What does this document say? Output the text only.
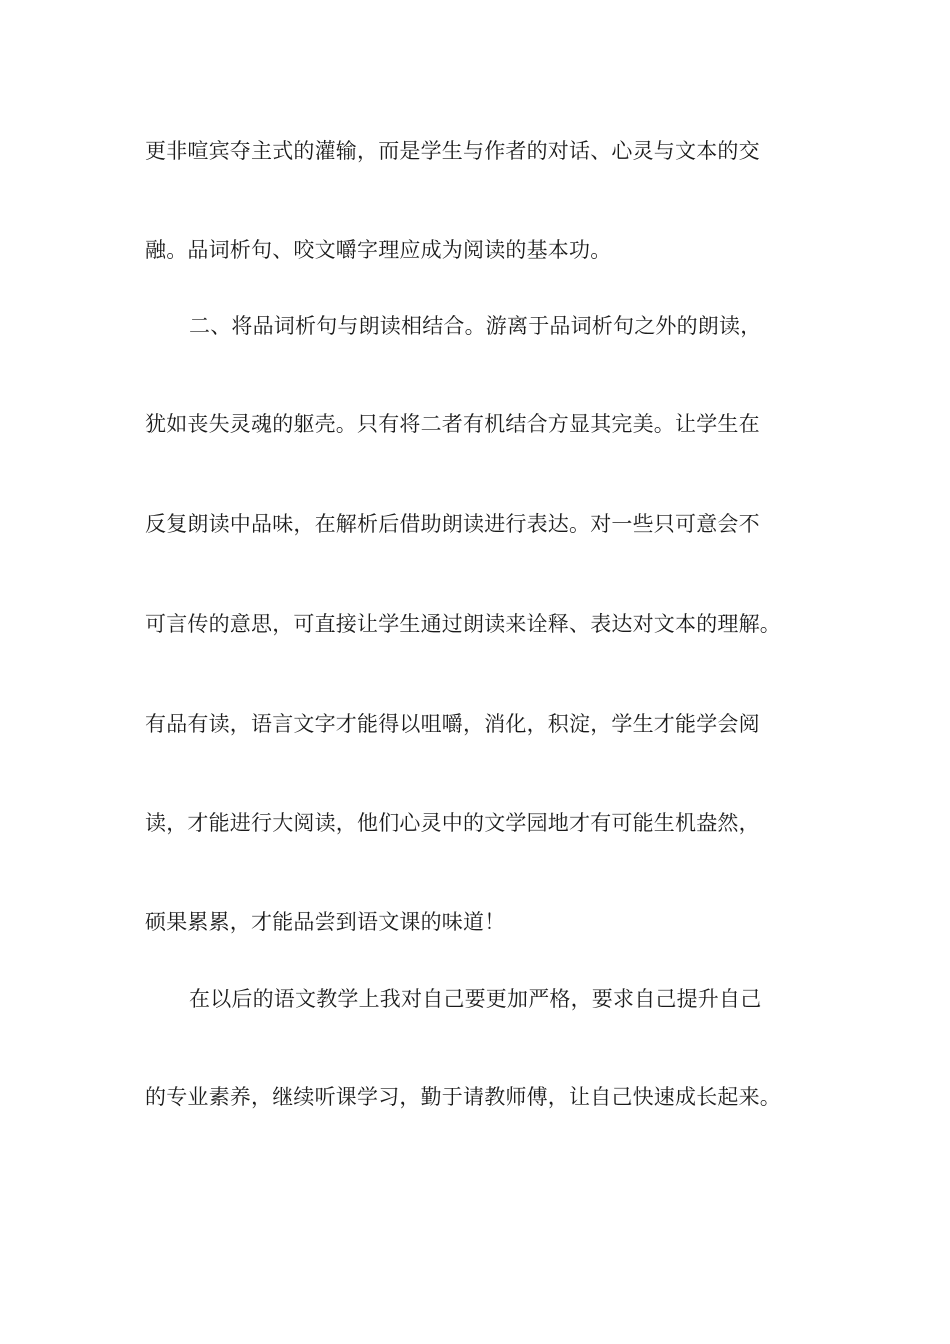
更非喧宾夺主式的灌输，而是学生与作者的对话、心灵与文本的交

融。品词析句、咬文嚼字理应成为阅读的基本功。

二、将品词析句与朗读相结合。游离于品词析句之外的朗读，

犹如丧失灵魂的躯壳。只有将二者有机结合方显其完美。让学生在

反复朗读中品味，在解析后借助朗读进行表达。对一些只可意会不

可言传的意思，可直接让学生通过朗读来诠释、表达对文本的理解。

有品有读，语言文字才能得以咀嚼，消化，积淀，学生才能学会阅

读，才能进行大阅读，他们心灵中的文学园地才有可能生机盎然，

硕果累累，才能品尝到语文课的味道！

在以后的语文教学上我对自己要更加严格，要求自己提升自己

的专业素养，继续听课学习，勤于请教师傅，让自己快速成长起来。
